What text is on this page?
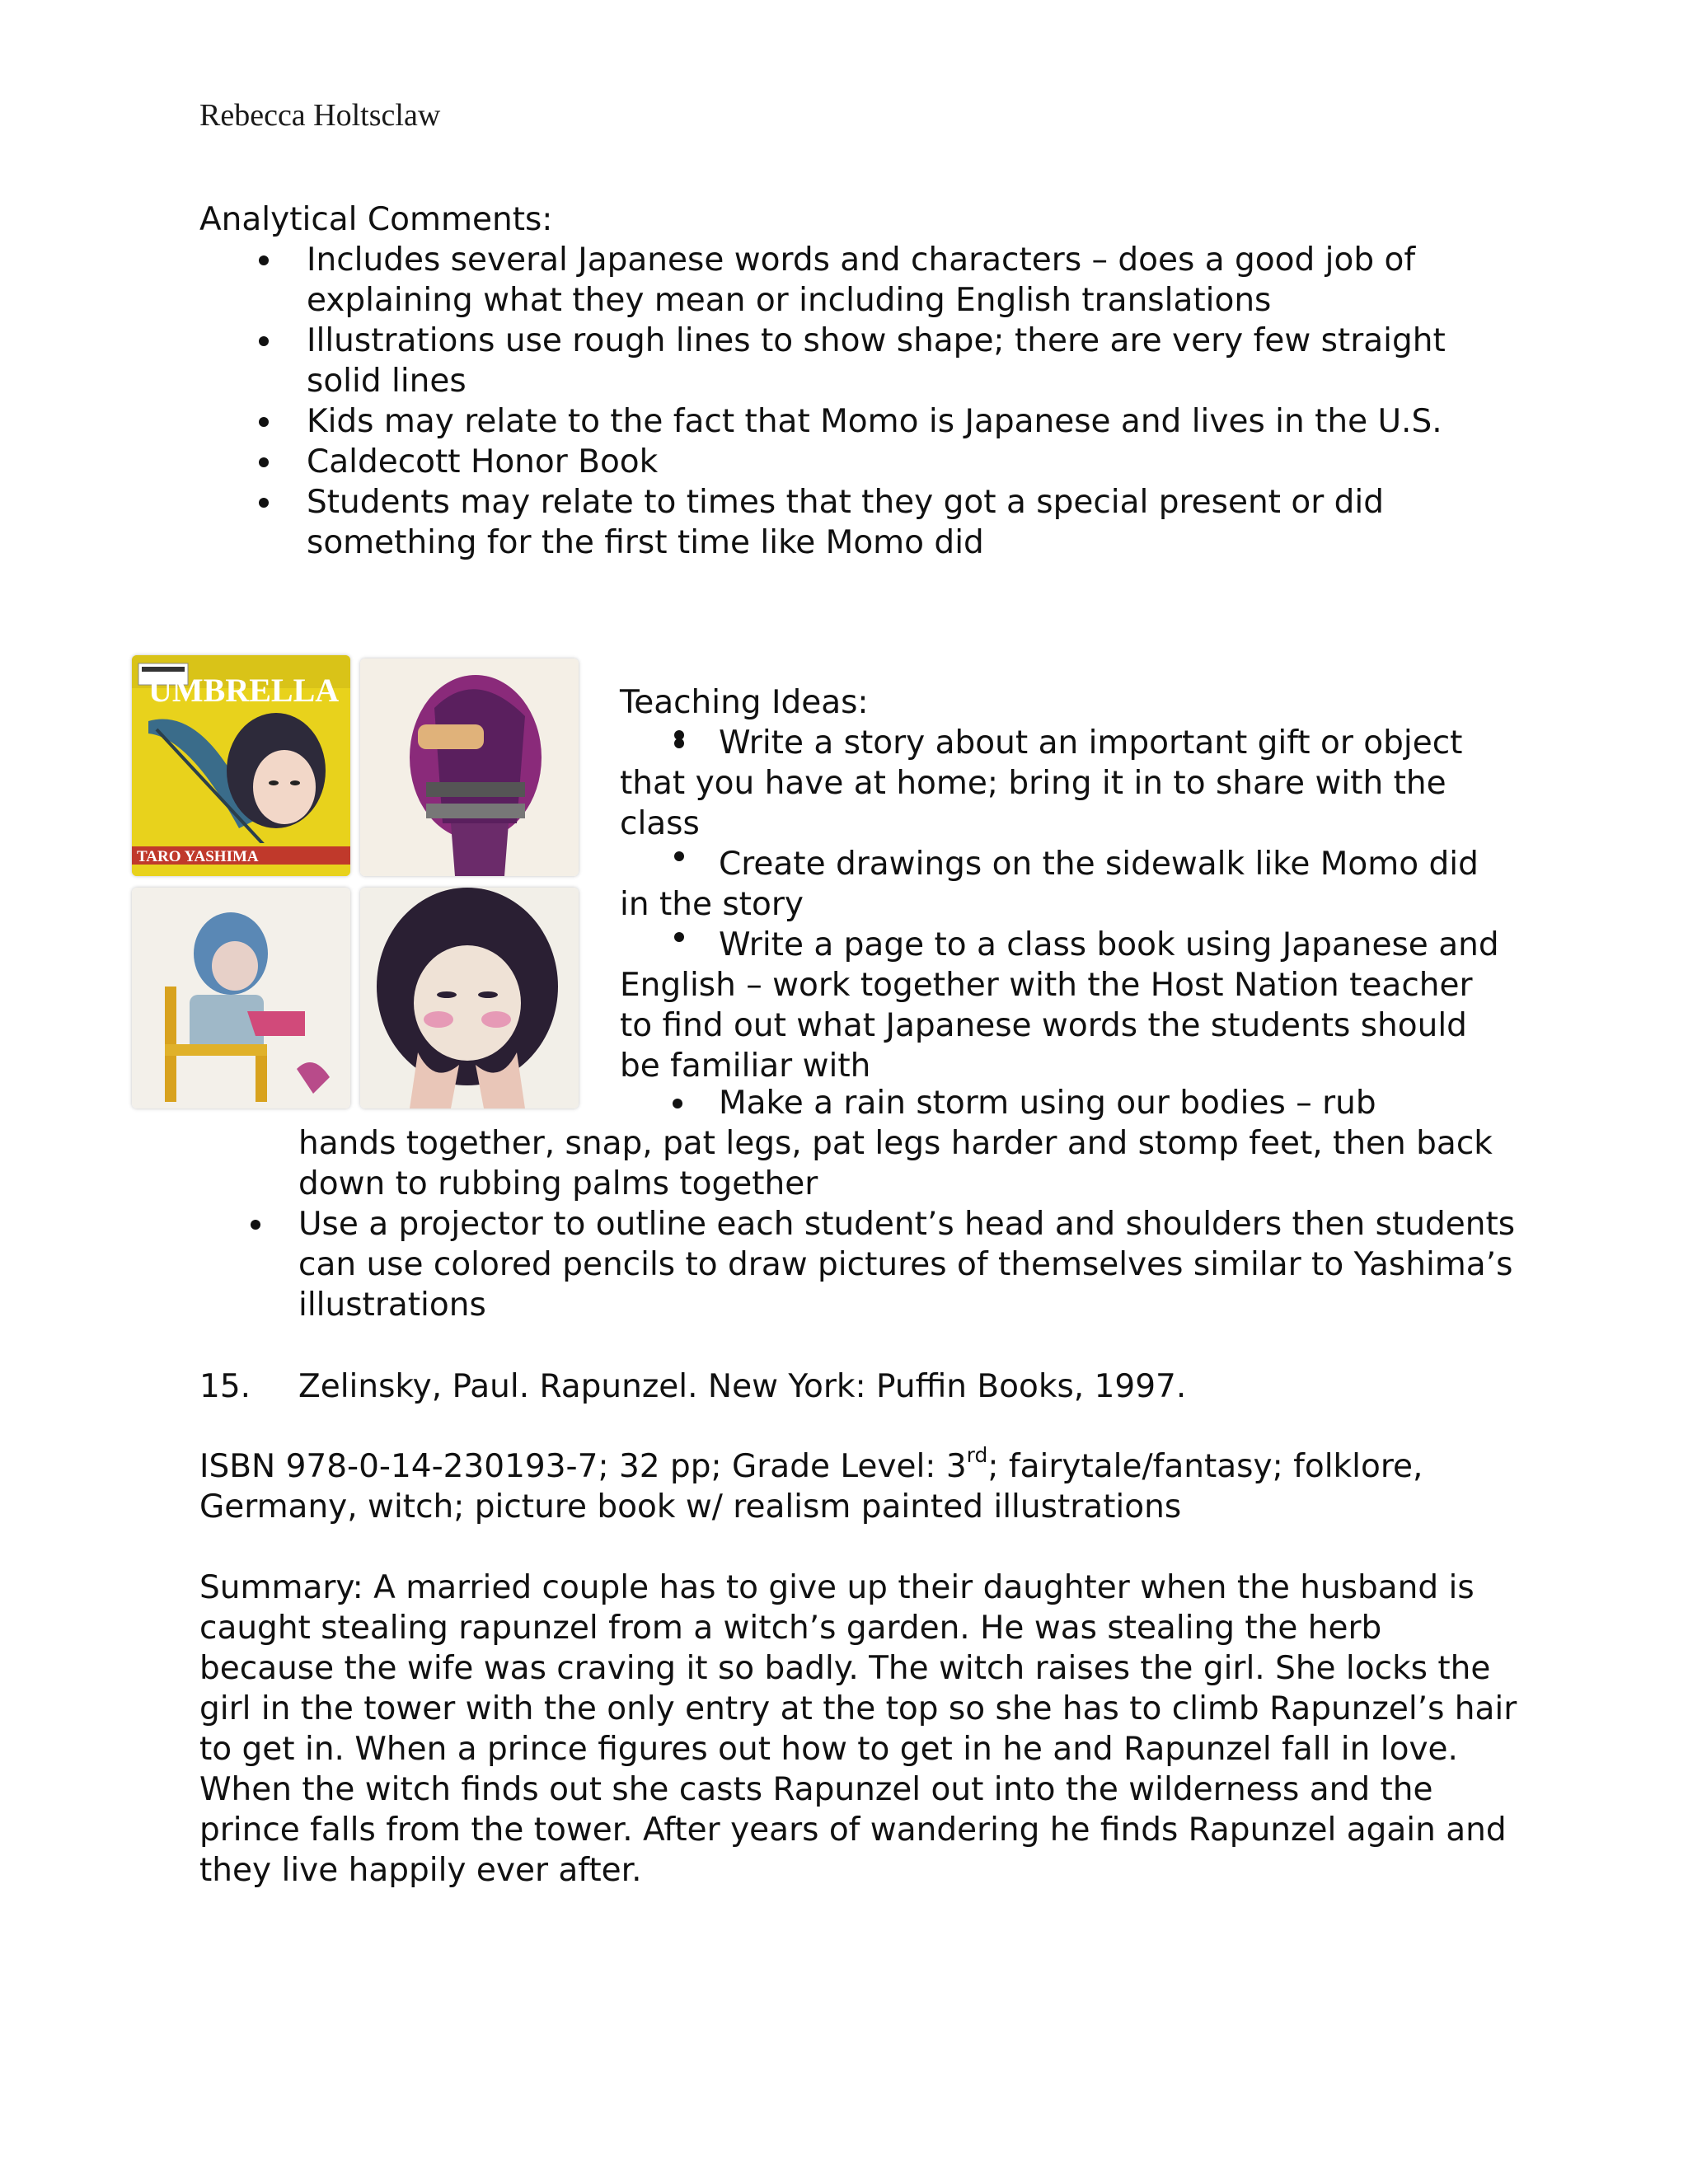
Rebecca Holtsclaw
Analytical Comments:
Includes several Japanese words and characters – does a good job of explaining what they mean or including English translations
Illustrations use rough lines to show shape; there are very few straight solid lines
Kids may relate to the fact that Momo is Japanese and lives in the U.S.
Caldecott Honor Book
Students may relate to times that they got a special present or did something for the first time like Momo did
UMBRELLA
TARO YASHIMA
Teaching Ideas:
Write a story about an important gift or object that you have at home; bring it in to share with the class
Create drawings on the sidewalk like Momo did in the story
Write a page to a class book using Japanese and English – work together with the Host Nation teacher to find out what Japanese words the students should be familiar with
Make a rain storm using our bodies – rub
hands together, snap, pat legs, pat legs harder and stomp feet, then back down to rubbing palms together
Use a projector to outline each student’s head and shoulders then students can use colored pencils to draw pictures of themselves similar to Yashima’s illustrations
15. Zelinsky, Paul. Rapunzel. New York: Puffin Books, 1997.
ISBN 978-0-14-230193-7; 32 pp; Grade Level: 3rd; fairytale/fantasy; folklore, Germany, witch; picture book w/ realism painted illustrations
Summary: A married couple has to give up their daughter when the husband is caught stealing rapunzel from a witch’s garden. He was stealing the herb because the wife was craving it so badly. The witch raises the girl. She locks the girl in the tower with the only entry at the top so she has to climb Rapunzel’s hair to get in. When a prince figures out how to get in he and Rapunzel fall in love. When the witch finds out she casts Rapunzel out into the wilderness and the prince falls from the tower. After years of wandering he finds Rapunzel again and they live happily ever after.
